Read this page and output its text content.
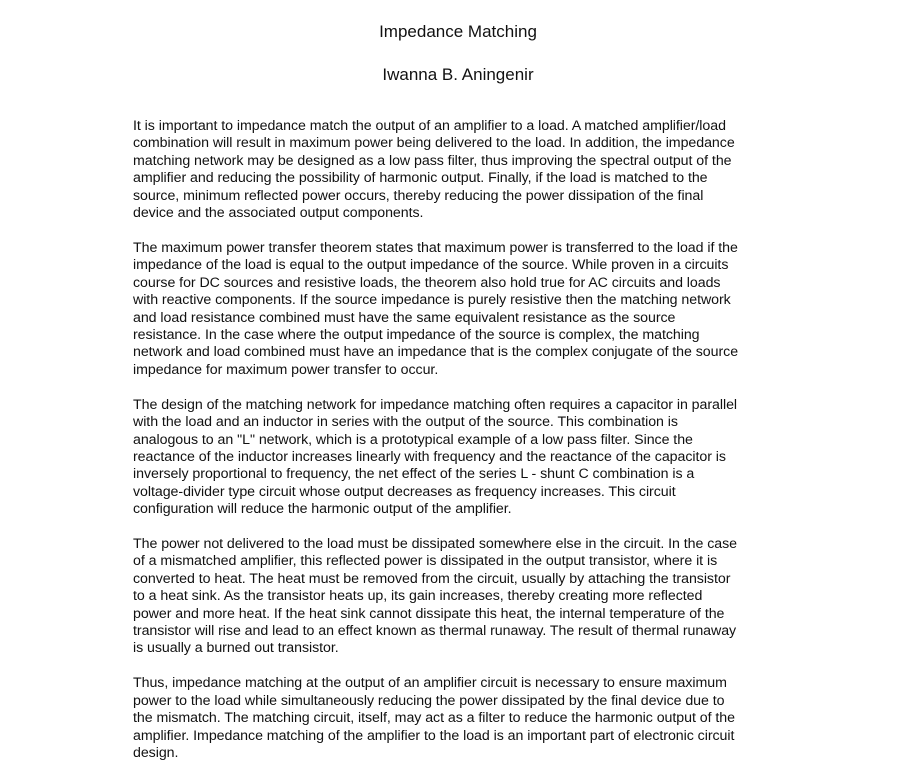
Impedance Matching
Iwanna B. Aningenir

It is important to impedance match the output of an amplifier to a load. A matched amplifier/load
combination will result in maximum power being delivered to the load. In addition, the impedance
matching network may be designed as a low pass filter, thus improving the spectral output of the
amplifier and reducing the possibility of harmonic output. Finally, if the load is matched to the
source, minimum reflected power occurs, thereby reducing the power dissipation of the final
device and the associated output components.

The maximum power transfer theorem states that maximum power is transferred to the load if the
impedance of the load is equal to the output impedance of the source. While proven in a circuits
course for DC sources and resistive loads, the theorem also hold true for AC circuits and loads
with reactive components. If the source impedance is purely resistive then the matching network
and load resistance combined must have the same equivalent resistance as the source
resistance. In the case where the output impedance of the source is complex, the matching
network and load combined must have an impedance that is the complex conjugate of the source
impedance for maximum power transfer to occur.

The design of the matching network for impedance matching often requires a capacitor in parallel
with the load and an inductor in series with the output of the source. This combination is
analogous to an "L" network, which is a prototypical example of a low pass filter. Since the
reactance of the inductor increases linearly with frequency and the reactance of the capacitor is
inversely proportional to frequency, the net effect of the series L - shunt C combination is a
voltage-divider type circuit whose output decreases as frequency increases. This circuit
configuration will reduce the harmonic output of the amplifier.

The power not delivered to the load must be dissipated somewhere else in the circuit. In the case
of a mismatched amplifier, this reflected power is dissipated in the output transistor, where it is
converted to heat. The heat must be removed from the circuit, usually by attaching the transistor
to a heat sink. As the transistor heats up, its gain increases, thereby creating more reflected
power and more heat. If the heat sink cannot dissipate this heat, the internal temperature of the
transistor will rise and lead to an effect known as thermal runaway. The result of thermal runaway
is usually a burned out transistor.

Thus, impedance matching at the output of an amplifier circuit is necessary to ensure maximum
power to the load while simultaneously reducing the power dissipated by the final device due to
the mismatch. The matching circuit, itself, may act as a filter to reduce the harmonic output of the
amplifier. Impedance matching of the amplifier to the load is an important part of electronic circuit
design.
